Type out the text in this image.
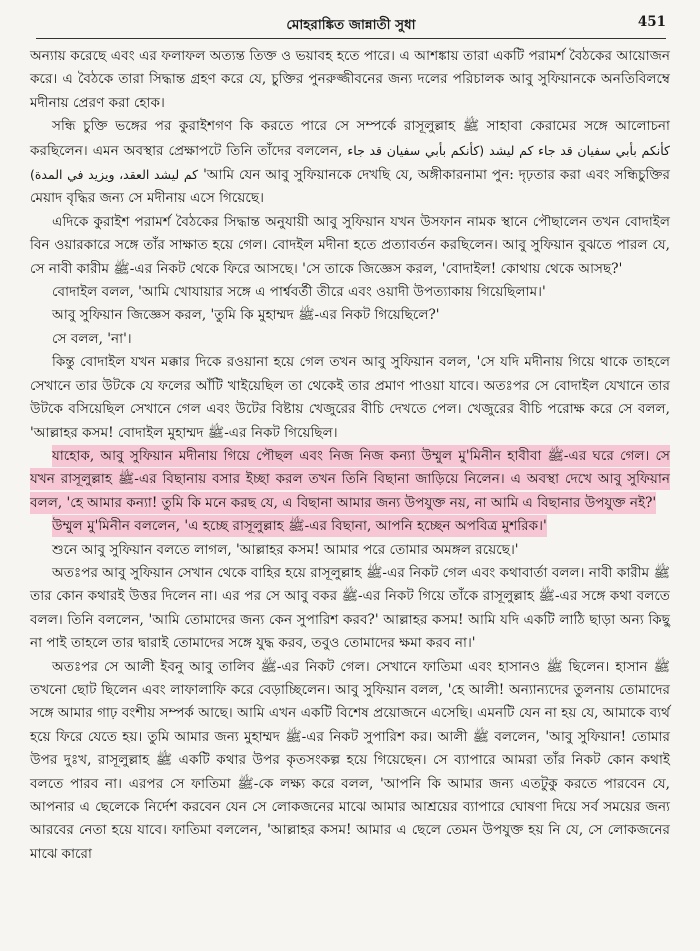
মোহরাঙ্কিত জান্নাতী সুধা	451

অন্যায় করেছে এবং এর ফলাফল অত্যন্ত তিক্ত ও ভয়াবহ হতে পারে। এ আশঙ্কায় তারা একটি পরামর্শ বৈঠকের আয়োজন করে। এ বৈঠকে তারা সিদ্ধান্ত গ্রহণ করে যে, চুক্তির পুনরুজ্জীবনের জন্য দলের পরিচালক আবু সুফিয়ানকে অনতিবিলম্বে মদীনায় প্রেরণ করা হোক।

সন্ধি চুক্তি ভঙ্গের পর কুরাইশগণ কি করতে পারে সে সম্পর্কে রাসূলুল্লাহ ﷺ সাহাবা কেরামের সঙ্গে আলোচনা করছিলেন। এমন অবস্থার প্রেক্ষাপটে তিনি তাঁদের বললেন,	كأنكم بأبي سفيان قد جاء كم ليشد (كأنكم بأبي سفيان قد جاء كم ليشد العقد، ويزيد في المدة) 'আমি যেন আবু সুফিয়ানকে দেখছি যে, অঙ্গীকারনামা পুন: দৃঢ়তার করা এবং সন্ধিচুক্তির মেয়াদ বৃদ্ধির জন্য সে মদীনায় এসে গিয়েছে।

এদিকে কুরাইশ পরামর্শ বৈঠকের সিদ্ধান্ত অনুযায়ী আবু সুফিয়ান যখন উসফান নামক স্থানে পৌছালেন তখন বোদাইল বিন ওয়ারকারে সঙ্গে তাঁর সাক্ষাত হয়ে গেল। বোদইল মদীনা হতে প্রত্যাবর্তন করছিলেন। আবু সুফিয়ান বুঝতে পারল যে, সে নাবী কারীম ﷺ-এর নিকট থেকে ফিরে আসছে। 'সে তাকে জিজ্ঞেস করল, 'বোদাইল! কোথায় থেকে আসছ?'

বোদাইল বলল, 'আমি খোযায়ার সঙ্গে এ পার্শ্ববর্তী তীরে এবং ওয়াদী উপত্যাকায় গিয়েছিলাম।'

আবু সুফিয়ান জিজ্ঞেস করল, 'তুমি কি মুহাম্মদ ﷺ-এর নিকট গিয়েছিলে?'

সে বলল, 'না'।

কিন্তু বোদাইল যখন মক্কার দিকে রওয়ানা হয়ে গেল তখন আবু সুফিয়ান বলল, 'সে যদি মদীনায় গিয়ে থাকে তাহলে সেখানে তার উটকে যে ফলের আঁটি খাইয়েছিল তা থেকেই তার প্রমাণ পাওয়া যাবে। অতঃপর সে বোদাইল যেখানে তার উটকে বসিয়েছিল সেখানে গেল এবং উটের বিষ্টায় খেজুরের বীচি দেখতে পেল। খেজুরের বীচি পরোক্ষ করে সে বলল, 'আল্লাহর কসম! বোদাইল মুহাম্মদ ﷺ-এর নিকট গিয়েছিল।

যাহোক, আবু সুফিয়ান মদীনায় গিয়ে পৌছল এবং নিজ নিজ কন্যা উম্মুল মু'মিনীন হাবীবা ﷺ-এর ঘরে গেল। সে যখন রাসূলুল্লাহ ﷺ-এর বিছানায় বসার ইচ্ছা করল তখন তিনি বিছানা জাড়িয়ে নিলেন। এ অবস্থা দেখে আবু সুফিয়ান বলল, 'হে আমার কন্যা! তুমি কি মনে করছ যে, এ বিছানা আমার জন্য উপযুক্ত নয়, না আমি এ বিছানার উপযুক্ত নই?'

উম্মুল মু'মিনীন বললেন, 'এ হচ্ছে রাসূলুল্লাহ ﷺ-এর বিছানা, আপনি হচ্ছেন অপবিত্র মুশরিক।'

শুনে আবু সুফিয়ান বলতে লাগল, 'আল্লাহর কসম! আমার পরে তোমার অমঙ্গল রয়েছে।'

অতঃপর আবু সুফিয়ান সেখান থেকে বাহির হয়ে রাসূলুল্লাহ ﷺ-এর নিকট গেল এবং কথাবার্তা বলল। নাবী কারীম ﷺ তার কোন কথারই উত্তর দিলেন না। এর পর সে আবু বকর ﷺ-এর নিকট গিয়ে তাঁকে রাসূলুল্লাহ ﷺ-এর সঙ্গে কথা বলতে বলল। তিনি বললেন, 'আমি তোমাদের জন্য কেন সুপারিশ করব?' আল্লাহর কসম! আমি যদি একটি লাঠি ছাড়া অন্য কিছু না পাই তাহলে তার দ্বারাই তোমাদের সঙ্গে যুদ্ধ করব, তবুও তোমাদের ক্ষমা করব না।'

অতঃপর সে আলী ইবনু আবু তালিব ﷺ-এর নিকট গেল। সেখানে ফাতিমা এবং হাসানও ﷺ ছিলেন। হাসান ﷺ তখনো ছোট ছিলেন এবং লাফালাফি করে বেড়াচ্ছিলেন। আবু সুফিয়ান বলল, 'হে আলী! অন্যান্যদের তুলনায় তোমাদের সঙ্গে আমার গাঢ় বংশীয় সম্পর্ক আছে। আমি এখন একটি বিশেষ প্রয়োজনে এসেছি। এমনটি যেন না হয় যে, আমাকে ব্যর্থ হয়ে ফিরে যেতে হয়। তুমি আমার জন্য মুহাম্মদ ﷺ-এর নিকট সুপারিশ কর। আলী ﷺ বললেন, 'আবু সুফিয়ান! তোমার উপর দুঃখ, রাসূলুল্লাহ ﷺ একটি কথার উপর কৃতসংকল্প হয়ে গিয়েছেন। সে ব্যাপারে আমরা তাঁর নিকট কোন কথাই বলতে পারব না। এরপর সে ফাতিমা ﷺ-কে লক্ষ্য করে বলল, 'আপনি কি আমার জন্য এতটুকু করতে পারবেন যে, আপনার এ ছেলেকে নির্দেশ করবেন যেন সে লোকজনের মাঝে আমার আশ্রয়ের ব্যাপারে ঘোষণা দিয়ে সর্ব সময়ের জন্য আরবের নেতা হয়ে যাবে। ফাতিমা বললেন, 'আল্লাহর কসম! আমার এ ছেলে তেমন উপযুক্ত হয় নি যে, সে লোকজনের মাঝে কারো
